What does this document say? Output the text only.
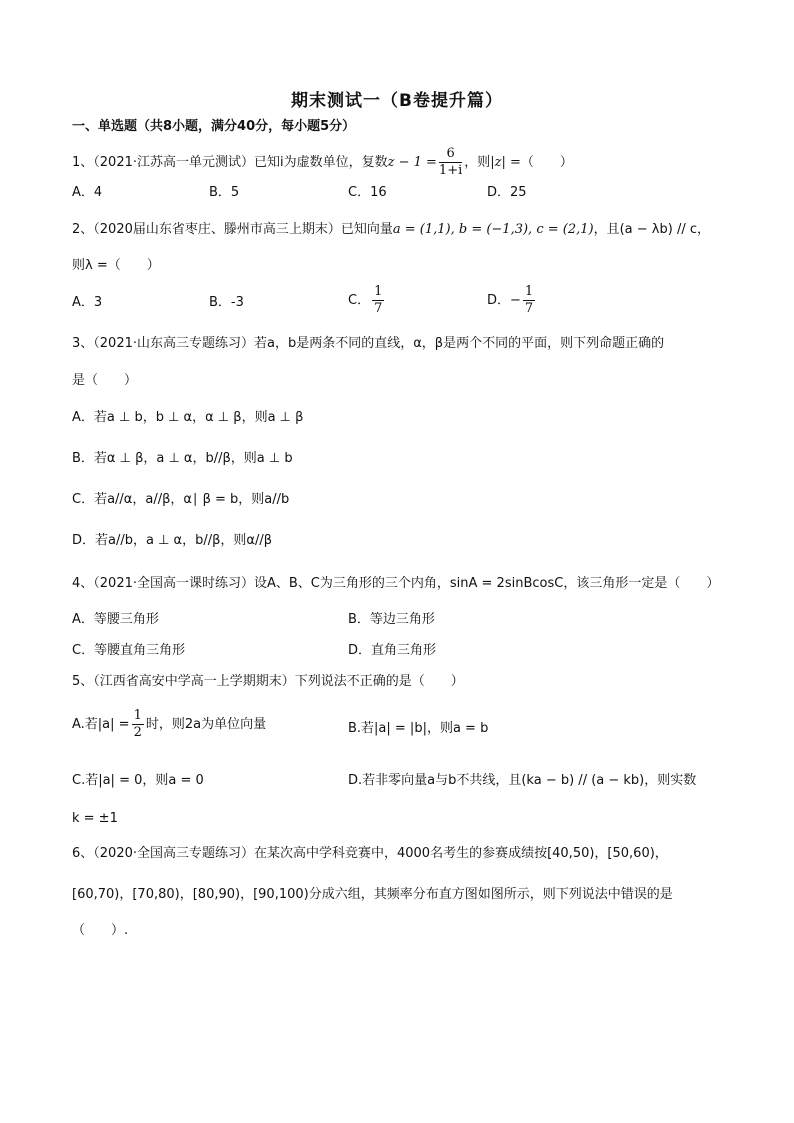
期末测试一（B卷提升篇）
一、单选题（共8小题，满分40分，每小题5分）
1、（2021·江苏高一单元测试）已知i为虚数单位，复数$z - 1 = \frac{6}{1+i}$ ，则|z| =（　　）
A．4	B．5	C．16	D．25
2、（2020届山东省枣庄、滕州市高三上期末）已知向量a = (1,1), b = (−1,3), c = (2,1)，且(a − λb) // c，
则λ =（　　）
A．3	B．-3	C． $\frac{1}{7}$	D．− $\frac{1}{7}$
3、（2021·山东高三专题练习）若a，b是两条不同的直线，α，β是两个不同的平面，则下列命题正确的
是（　　）
A．若a ⊥ b，b ⊥ α，α ⊥ β，则a ⊥ β
B．若α ⊥ β，a ⊥ α，b//β，则a ⊥ b
C．若a//α，a//β，α∣ β = b，则a//b
D．若a//b，a ⊥ α，b//β，则α//β
4、（2021·全国高一课时练习）设A、B、C为三角形的三个内角，sinA = 2sinBcosC，该三角形一定是（　　）
A．等腰三角形	B．等边三角形
C．等腰直角三角形	D．直角三角形
5、（江西省高安中学高一上学期期末）下列说法不正确的是（　　）
A.若$|a| = \frac{1}{2}$ 时，则2a为单位向量	B.若|a| = |b|，则a = b
C.若|a| = 0，则a = 0	D.若非零向量a与b不共线，且(ka − b) // (a − kb)，则实数
k = ±1
6、（2020·全国高三专题练习）在某次高中学科竞赛中，4000名考生的参赛成绩按[40,50)，[50,60)，
[60,70)，[70,80)，[80,90)，[90,100)分成六组，其频率分布直方图如图所示，则下列说法中错误的是
（　　）.
